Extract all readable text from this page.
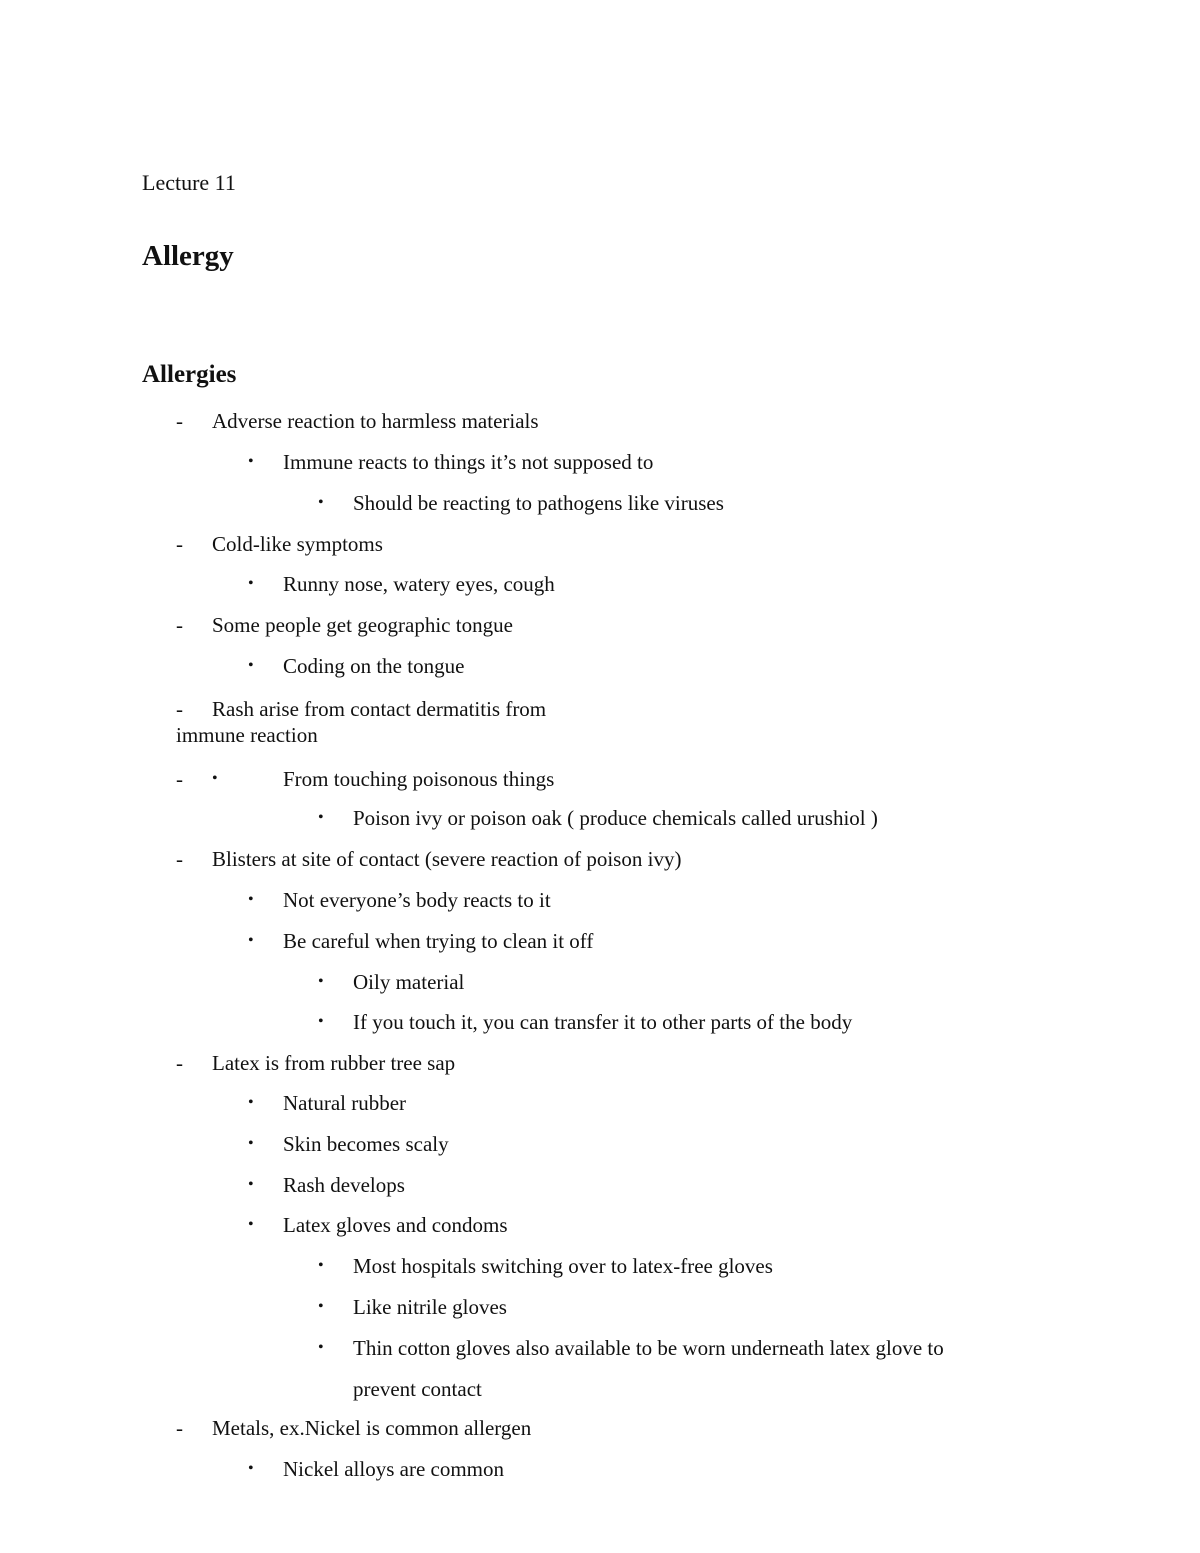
Lecture 11
Allergy
Allergies
- Adverse reaction to harmless materials
• Immune reacts to things it’s not supposed to
• Should be reacting to pathogens like viruses
- Cold-like symptoms
• Runny nose, watery eyes, cough
- Some people get geographic tongue
• Coding on the tongue
- Rash arise from contact dermatitis from
immune reaction
- •	From touching poisonous things
• Poison ivy or poison oak ( produce chemicals called urushiol )
- Blisters at site of contact (severe reaction of poison ivy)
• Not everyone’s body reacts to it
• Be careful when trying to clean it off
• Oily material
• If you touch it, you can transfer it to other parts of the body
- Latex is from rubber tree sap
• Natural rubber
• Skin becomes scaly
• Rash develops
• Latex gloves and condoms
• Most hospitals switching over to latex-free gloves
• Like nitrile gloves
• Thin cotton gloves also available to be worn underneath latex glove to
prevent contact
- Metals, ex.Nickel is common allergen
• Nickel alloys are common
